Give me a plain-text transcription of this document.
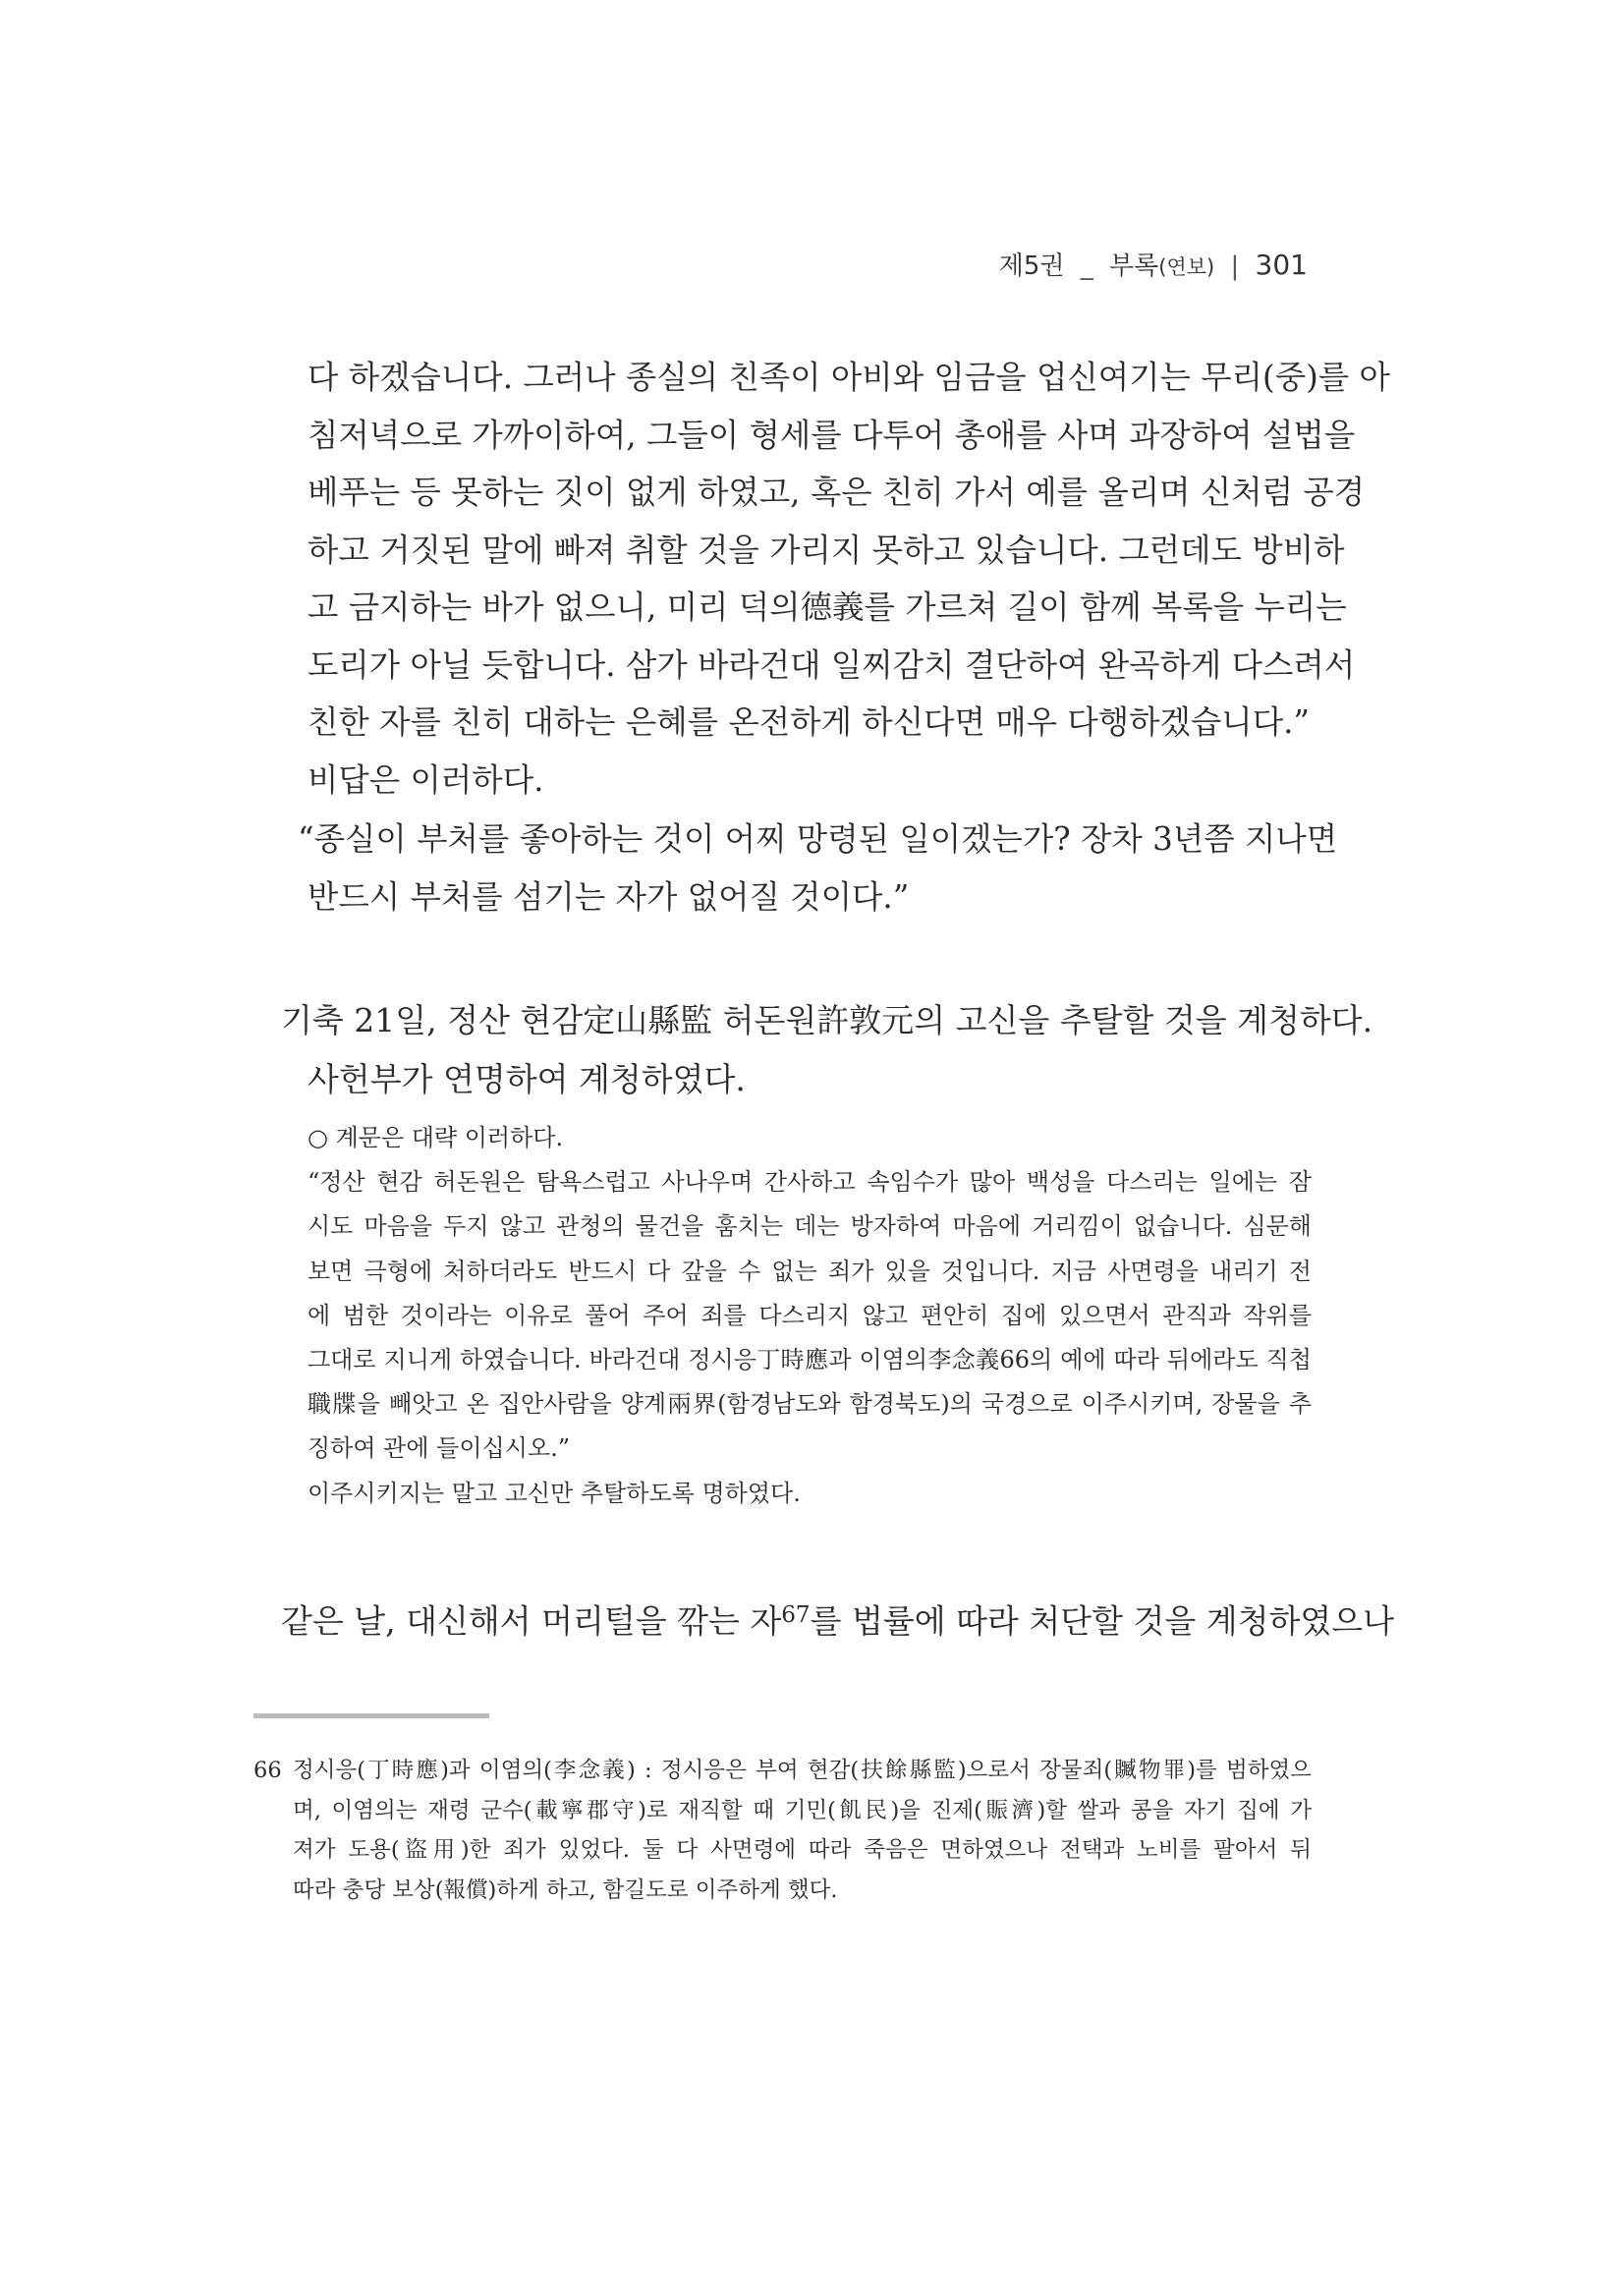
제5권 _ 부록(연보) | 301
다 하겠습니다. 그러나 종실의 친족이 아비와 임금을 업신여기는 무리(중)를 아
침저녁으로 가까이하여, 그들이 형세를 다투어 총애를 사며 과장하여 설법을
베푸는 등 못하는 짓이 없게 하였고, 혹은 친히 가서 예를 올리며 신처럼 공경
하고 거짓된 말에 빠져 취할 것을 가리지 못하고 있습니다. 그런데도 방비하
고 금지하는 바가 없으니, 미리 덕의德義를 가르쳐 길이 함께 복록을 누리는
도리가 아닐 듯합니다. 삼가 바라건대 일찌감치 결단하여 완곡하게 다스려서
친한 자를 친히 대하는 은혜를 온전하게 하신다면 매우 다행하겠습니다.”
비답은 이러하다.
“종실이 부처를 좋아하는 것이 어찌 망령된 일이겠는가? 장차 3년쯤 지나면
반드시 부처를 섬기는 자가 없어질 것이다.”
기축 21일, 정산 현감定山縣監 허돈원許敦元의 고신을 추탈할 것을 계청하다.
사헌부가 연명하여 계청하였다.
○ 계문은 대략 이러하다.
“정산 현감 허돈원은 탐욕스럽고 사나우며 간사하고 속임수가 많아 백성을 다스리는 일에는 잠
시도 마음을 두지 않고 관청의 물건을 훔치는 데는 방자하여 마음에 거리낌이 없습니다. 심문해
보면 극형에 처하더라도 반드시 다 갚을 수 없는 죄가 있을 것입니다. 지금 사면령을 내리기 전
에 범한 것이라는 이유로 풀어 주어 죄를 다스리지 않고 편안히 집에 있으면서 관직과 작위를
그대로 지니게 하였습니다. 바라건대 정시응丁時應과 이염의李念義66의 예에 따라 뒤에라도 직첩
職牒을 빼앗고 온 집안사람을 양계兩界(함경남도와 함경북도)의 국경으로 이주시키며, 장물을 추
징하여 관에 들이십시오.”
이주시키지는 말고 고신만 추탈하도록 명하였다.
같은 날, 대신해서 머리털을 깎는 자$^{67}$를 법률에 따라 처단할 것을 계청하였으나
66 정시응(丁時應)과 이염의(李念義) : 정시응은 부여 현감(扶餘縣監)으로서 장물죄(贓物罪)를 범하였으
며, 이염의는 재령 군수(載寧郡守)로 재직할 때 기민(飢民)을 진제(賑濟)할 쌀과 콩을 자기 집에 가
져가 도용(盜用)한 죄가 있었다. 둘 다 사면령에 따라 죽음은 면하였으나 전택과 노비를 팔아서 뒤
따라 충당 보상(報償)하게 하고, 함길도로 이주하게 했다.
